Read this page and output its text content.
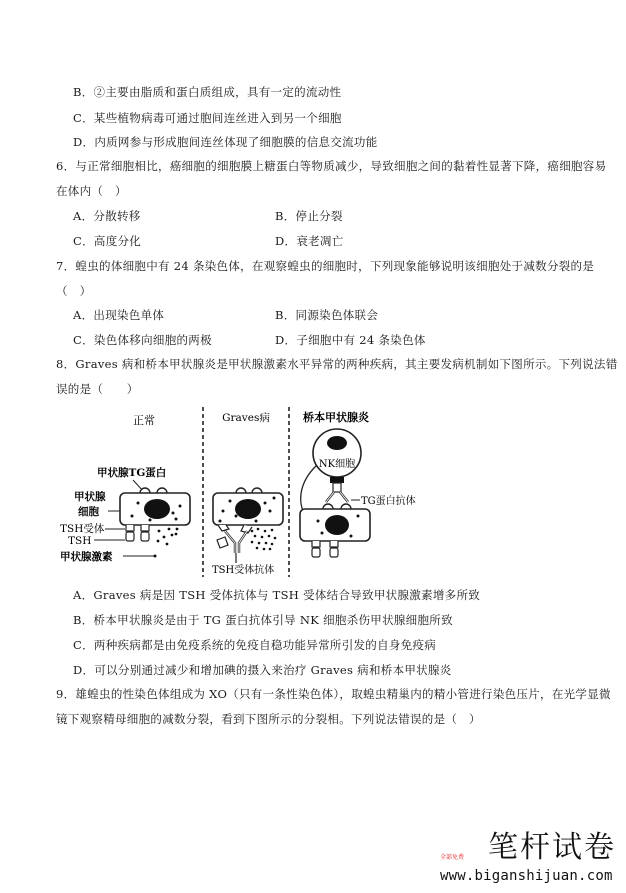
B．②主要由脂质和蛋白质组成，具有一定的流动性
C．某些植物病毒可通过胞间连丝进入到另一个细胞
D．内质网参与形成胞间连丝体现了细胞膜的信息交流功能
6．与正常细胞相比，癌细胞的细胞膜上糖蛋白等物质减少，导致细胞之间的黏着性显著下降，癌细胞容易
在体内（　）
A．分散转移	B．停止分裂
C．高度分化	D．衰老凋亡
7．蝗虫的体细胞中有 24 条染色体，在观察蝗虫的细胞时，下列现象能够说明该细胞处于减数分裂的是
（　）
A．出现染色单体	B．同源染色体联会
C．染色体移向细胞的两极	D．子细胞中有 24 条染色体
8．Graves 病和桥本甲状腺炎是甲状腺激素水平异常的两种疾病，其主要发病机制如下图所示。下列说法错
误的是（　　）
正常	Graves病	桥本甲状腺炎
甲状腺TG蛋白
甲状腺
细胞
TSH受体
TSH
甲状腺激素
TSH受体抗体
NK细胞
TG蛋白抗体
A．Graves 病是因 TSH 受体抗体与 TSH 受体结合导致甲状腺激素增多所致
B．桥本甲状腺炎是由于 TG 蛋白抗体引导 NK 细胞杀伤甲状腺细胞所致
C．两种疾病都是由免疫系统的免疫自稳功能异常所引发的自身免疫病
D．可以分别通过减少和增加碘的摄入来治疗 Graves 病和桥本甲状腺炎
9．雄蝗虫的性染色体组成为 XO（只有一条性染色体），取蝗虫精巢内的精小管进行染色压片，在光学显微
镜下观察精母细胞的减数分裂，看到下图所示的分裂相。下列说法错误的是（　）
笔杆试卷
全部免费
www.biganshijuan.com
